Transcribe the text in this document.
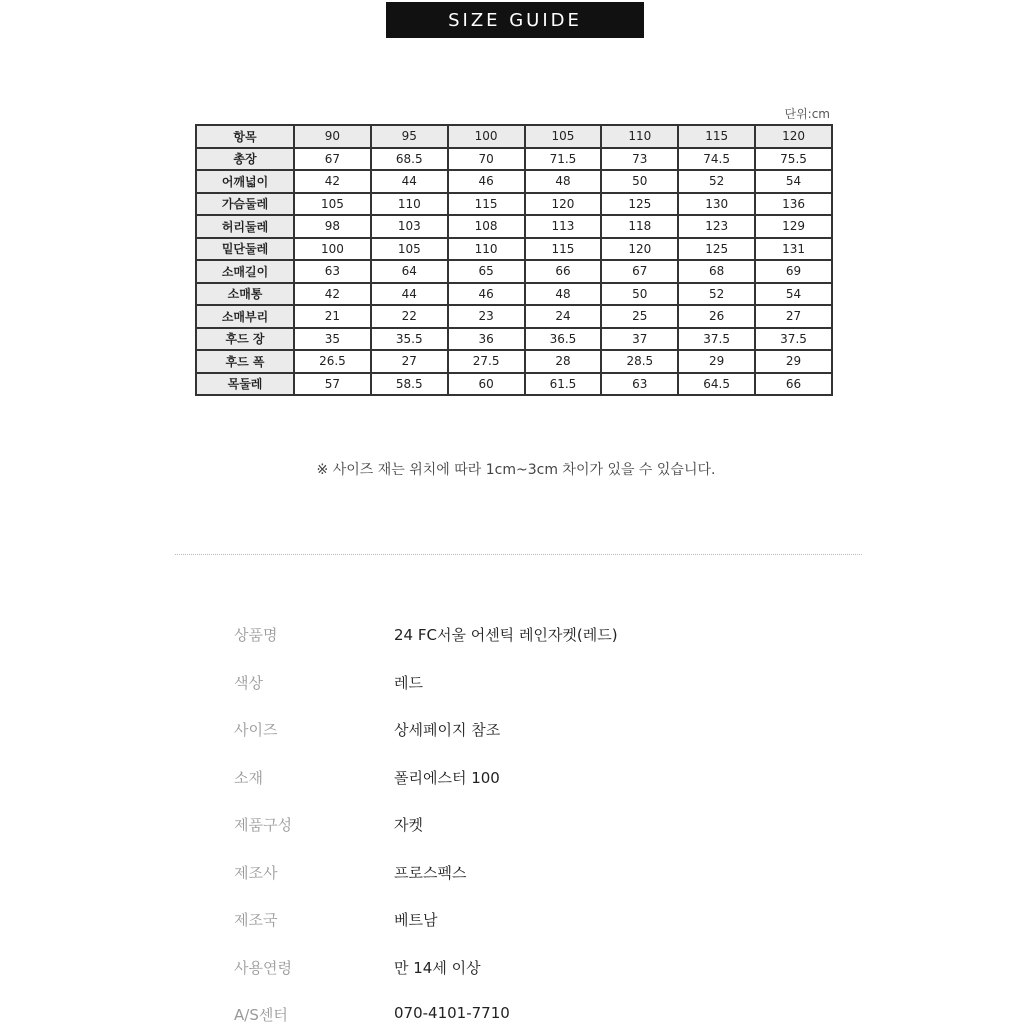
SIZE GUIDE
단위:cm
항목	90	95	100	105	110	115	120
총장	67	68.5	70	71.5	73	74.5	75.5
어깨넓이	42	44	46	48	50	52	54
가슴둘레	105	110	115	120	125	130	136
허리둘레	98	103	108	113	118	123	129
밑단둘레	100	105	110	115	120	125	131
소매길이	63	64	65	66	67	68	69
소매통	42	44	46	48	50	52	54
소매부리	21	22	23	24	25	26	27
후드 장	35	35.5	36	36.5	37	37.5	37.5
후드 폭	26.5	27	27.5	28	28.5	29	29
목둘레	57	58.5	60	61.5	63	64.5	66
※ 사이즈 재는 위치에 따라 1cm~3cm 차이가 있을 수 있습니다.
상품명	24 FC서울 어센틱 레인자켓(레드)
색상	레드
사이즈	상세페이지 참조
소재	폴리에스터 100
제품구성	자켓
제조사	프로스펙스
제조국	베트남
사용연령	만 14세 이상
A/S센터	070-4101-7710
